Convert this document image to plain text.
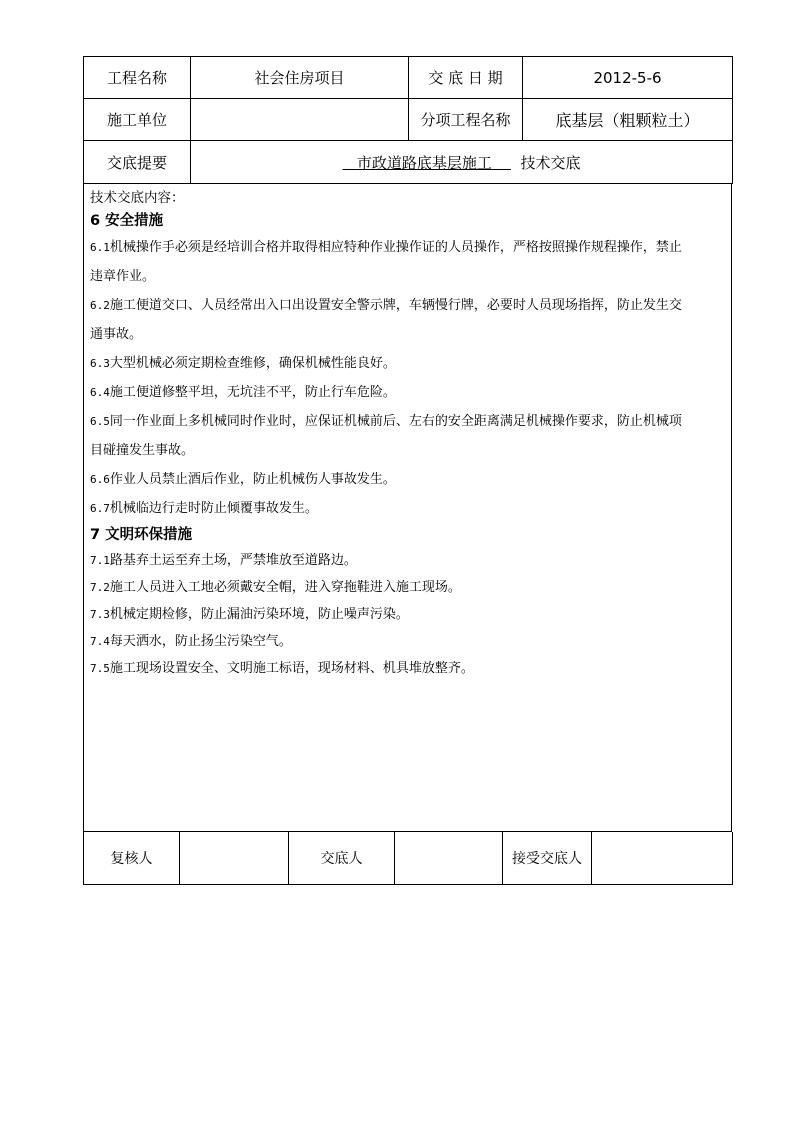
工程名称	社会住房项目	交 底 日 期	2012-5-6
施工单位		分项工程名称	底基层（粗颗粒土）
交底提要	市政道路底基层施工 技术交底		
技术交底内容：
6 安全措施
6.1机械操作手必须是经培训合格并取得相应特种作业操作证的人员操作，严格按照操作规程操作，禁止
违章作业。
6.2施工便道交口、人员经常出入口出设置安全警示牌，车辆慢行牌，必要时人员现场指挥，防止发生交
通事故。
6.3大型机械必须定期检查维修，确保机械性能良好。
6.4施工便道修整平坦，无坑洼不平，防止行车危险。
6.5同一作业面上多机械同时作业时，应保证机械前后、左右的安全距离满足机械操作要求，防止机械项
目碰撞发生事故。
6.6作业人员禁止酒后作业，防止机械伤人事故发生。
6.7机械临边行走时防止倾覆事故发生。
7 文明环保措施
7.1路基弃土运至弃土场，严禁堆放至道路边。
7.2施工人员进入工地必须戴安全帽，进入穿拖鞋进入施工现场。
7.3机械定期检修，防止漏油污染环境，防止噪声污染。
7.4每天洒水，防止扬尘污染空气。
7.5施工现场设置安全、文明施工标语，现场材料、机具堆放整齐。
复核人		交底人		接受交底人	
